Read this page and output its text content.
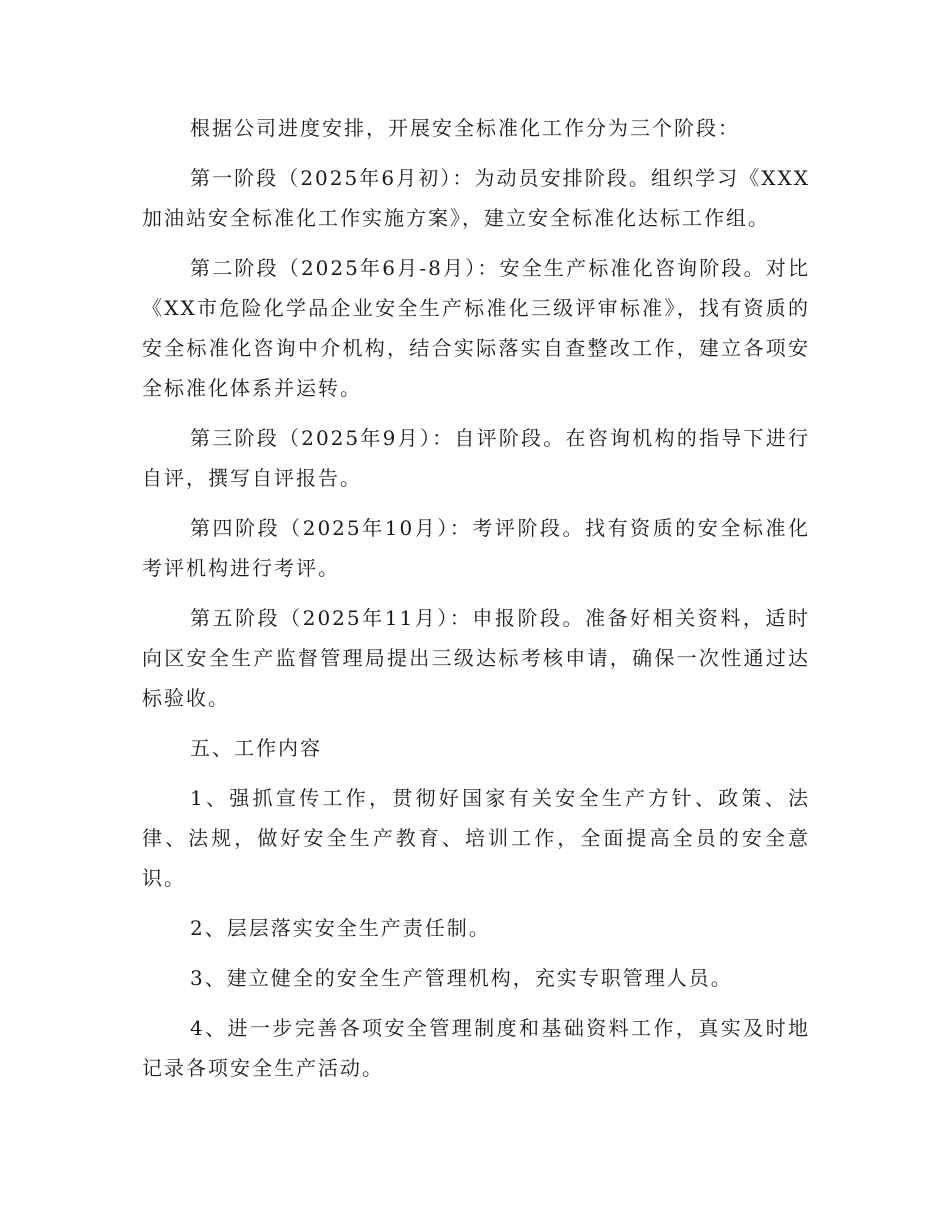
根据公司进度安排，开展安全标准化工作分为三个阶段：

第一阶段（2025年6月初）：为动员安排阶段。组织学习《XXX加油站安全标准化工作实施方案》，建立安全标准化达标工作组。

第二阶段（2025年6月-8月）：安全生产标准化咨询阶段。对比《XX市危险化学品企业安全生产标准化三级评审标准》，找有资质的安全标准化咨询中介机构，结合实际落实自查整改工作，建立各项安全标准化体系并运转。

第三阶段（2025年9月）：自评阶段。在咨询机构的指导下进行自评，撰写自评报告。

第四阶段（2025年10月）：考评阶段。找有资质的安全标准化考评机构进行考评。

第五阶段（2025年11月）：申报阶段。准备好相关资料，适时向区安全生产监督管理局提出三级达标考核申请，确保一次性通过达标验收。

五、工作内容

1、强抓宣传工作，贯彻好国家有关安全生产方针、政策、法律、法规，做好安全生产教育、培训工作，全面提高全员的安全意识。

2、层层落实安全生产责任制。

3、建立健全的安全生产管理机构，充实专职管理人员。

4、进一步完善各项安全管理制度和基础资料工作，真实及时地记录各项安全生产活动。
